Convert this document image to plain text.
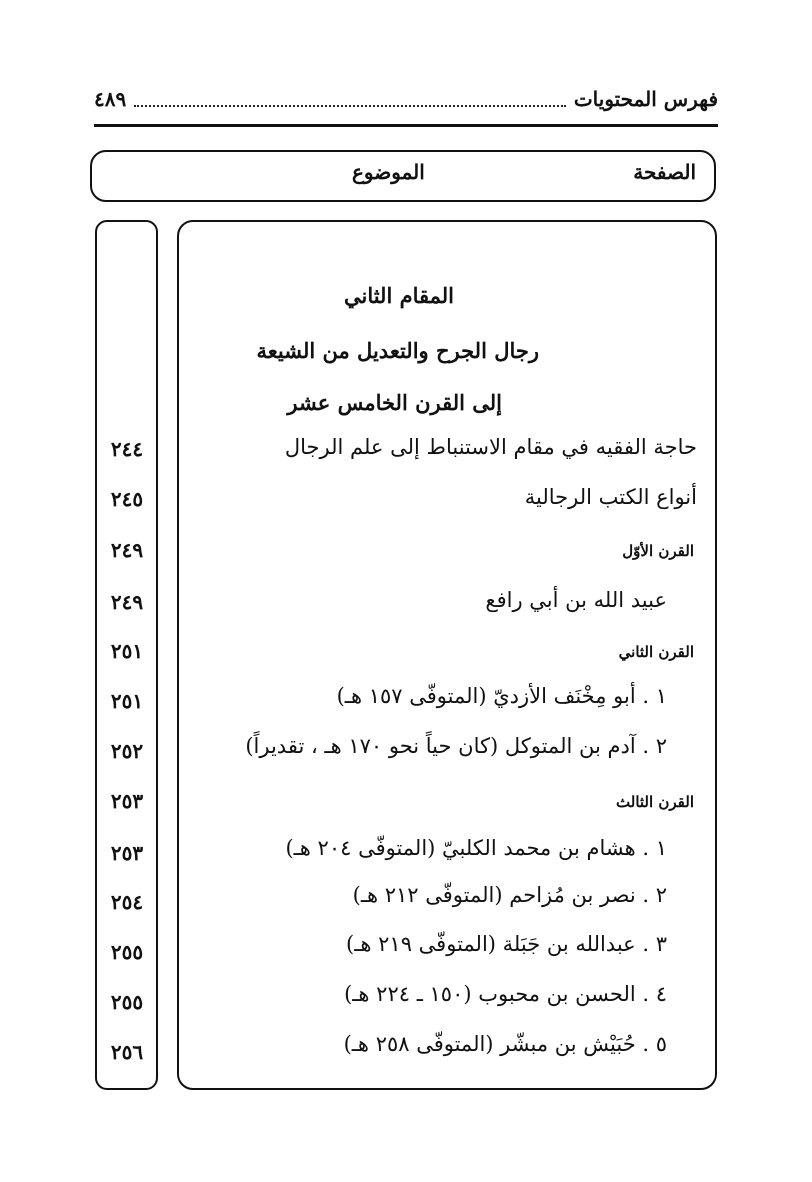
فهرس المحتويات
٤٨٩
الصفحة
الموضوع
المقام الثاني
رجال الجرح والتعديل من الشيعة
إلى القرن الخامس عشر
حاجة الفقيه في مقام الاستنباط إلى علم الرجال
٢٤٤
أنواع الكتب الرجالية
٢٤٥
القرن الأوّل
٢٤٩
عبيد الله بن أبي رافع
٢٤٩
القرن الثاني
٢٥١
١ . أبو مِخْنَف الأزديّ (المتوفّى ١٥٧ هـ)
٢٥١
٢ . آدم بن المتوكل (كان حياً نحو ١٧٠ هـ ، تقديراً)
٢٥٢
القرن الثالث
٢٥٣
١ . هشام بن محمد الكلبيّ (المتوفّى ٢٠٤ هـ)
٢٥٣
٢ . نصر بن مُزاحم (المتوفّى ٢١٢ هـ)
٢٥٤
٣ . عبدالله بن جَبَلة (المتوفّى ٢١٩ هـ)
٢٥٥
٤ . الحسن بن محبوب (١٥٠ ـ ٢٢٤ هـ)
٢٥٥
٥ . حُبَيْش بن مبشّر (المتوفّى ٢٥٨ هـ)
٢٥٦
